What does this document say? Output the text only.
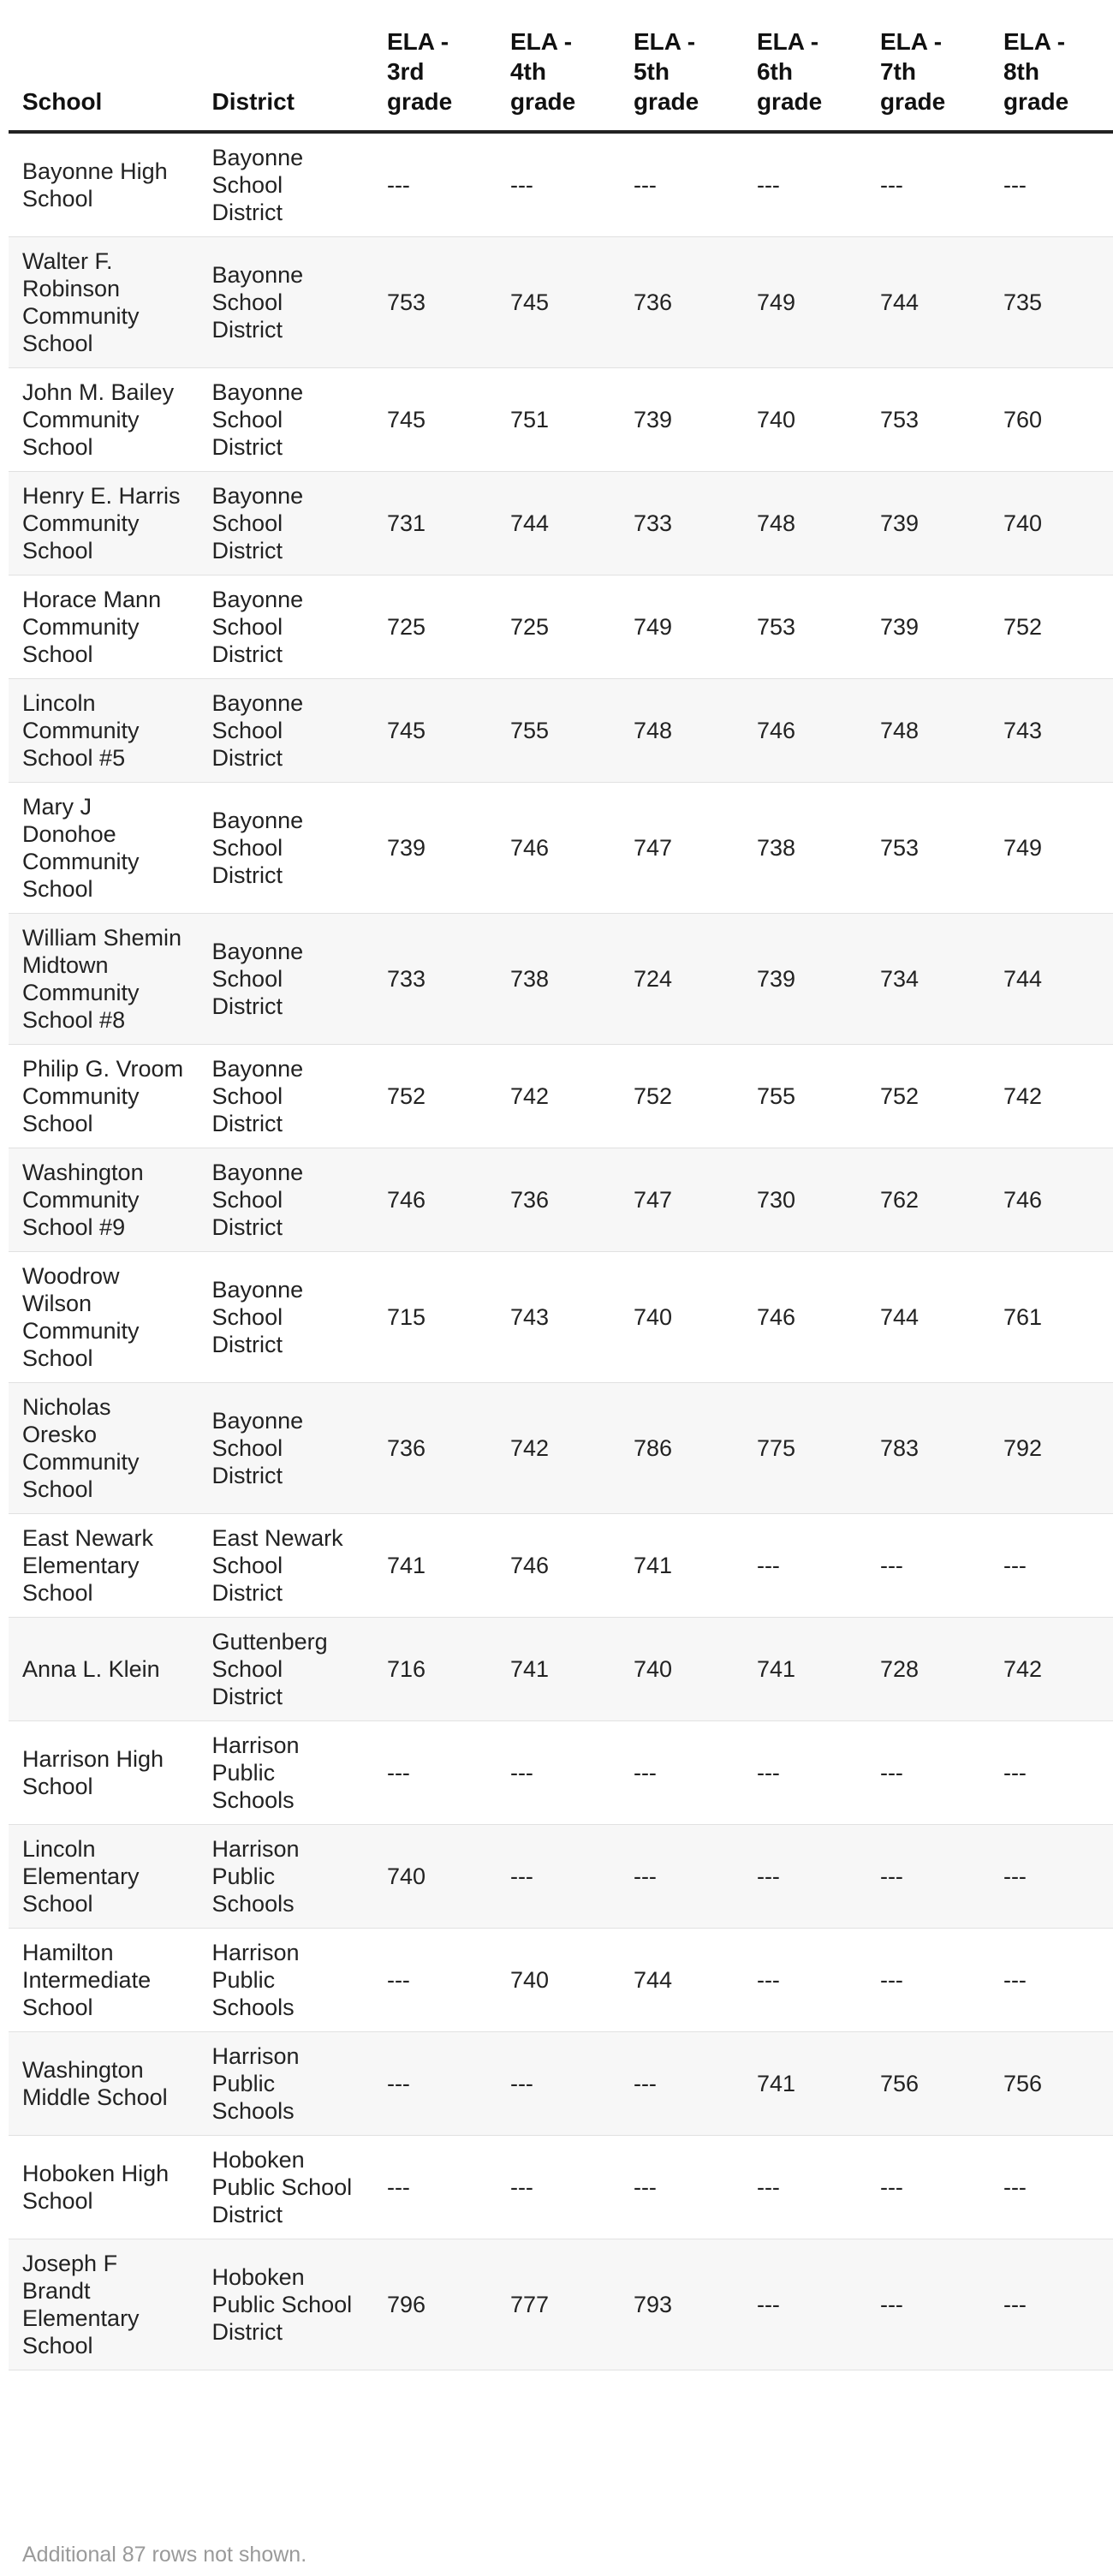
School	District	ELA - 3rd grade	ELA - 4th grade	ELA - 5th grade	ELA - 6th grade	ELA - 7th grade	ELA - 8th grade
Bayonne High School	Bayonne School District	---	---	---	---	---	---
Walter F. Robinson Community School	Bayonne School District	753	745	736	749	744	735
John M. Bailey Community School	Bayonne School District	745	751	739	740	753	760
Henry E. Harris Community School	Bayonne School District	731	744	733	748	739	740
Horace Mann Community School	Bayonne School District	725	725	749	753	739	752
Lincoln Community School #5	Bayonne School District	745	755	748	746	748	743
Mary J Donohoe Community School	Bayonne School District	739	746	747	738	753	749
William Shemin Midtown Community School #8	Bayonne School District	733	738	724	739	734	744
Philip G. Vroom Community School	Bayonne School District	752	742	752	755	752	742
Washington Community School #9	Bayonne School District	746	736	747	730	762	746
Woodrow Wilson Community School	Bayonne School District	715	743	740	746	744	761
Nicholas Oresko Community School	Bayonne School District	736	742	786	775	783	792
East Newark Elementary School	East Newark School District	741	746	741	---	---	---
Anna L. Klein	Guttenberg School District	716	741	740	741	728	742
Harrison High School	Harrison Public Schools	---	---	---	---	---	---
Lincoln Elementary School	Harrison Public Schools	740	---	---	---	---	---
Hamilton Intermediate School	Harrison Public Schools	---	740	744	---	---	---
Washington Middle School	Harrison Public Schools	---	---	---	741	756	756
Hoboken High School	Hoboken Public School District	---	---	---	---	---	---
Joseph F Brandt Elementary School	Hoboken Public School District	796	777	793	---	---	---
Additional 87 rows not shown.
